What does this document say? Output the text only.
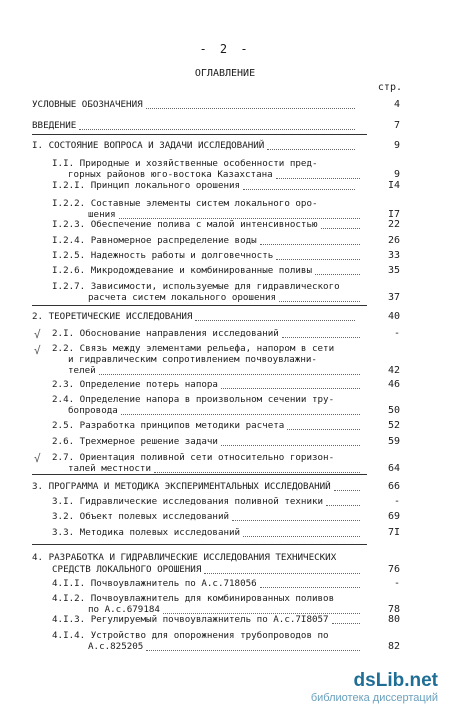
- 2 -
ОГЛАВЛЕНИЕ
стр.
УСЛОВНЫЕ ОБОЗНАЧЕНИЯ	4
ВВЕДЕНИЕ	7
I. СОСТОЯНИЕ ВОПРОСА И ЗАДАЧИ ИССЛЕДОВАНИЙ	9
I.I. Природные и хозяйственные особенности пред-
горных районов юго-востока Казахстана	9
I.2.I. Принцип локального орошения	I4
I.2.2. Составные элементы систем локального оро-
шения	I7
I.2.3. Обеспечение полива с малой интенсивностью	22
I.2.4. Равномерное распределение воды	26
I.2.5. Надежность работы и долговечность	33
I.2.6. Микродождевание и комбинированные поливы	35
I.2.7. Зависимости, используемые для гидравлического
расчета систем локального орошения	37
2. ТЕОРЕТИЧЕСКИЕ ИССЛЕДОВАНИЯ	40
2.I. Обоснование направления исследований	-
2.2. Связь между элементами рельефа, напором в сети
и гидравлическим сопротивлением почвоувлажни-
телей	42
2.3. Определение потерь напора	46
2.4. Определение напора в произвольном сечении тру-
бопровода	50
2.5. Разработка принципов методики расчета	52
2.6. Трехмерное решение задачи	59
2.7. Ориентация поливной сети относительно горизон-
талей местности	64
3. ПРОГРАММА И МЕТОДИКА ЭКСПЕРИМЕНТАЛЬНЫХ ИССЛЕДОВАНИЙ	66
3.I. Гидравлические исследования поливной техники	-
3.2. Объект полевых исследований	69
3.3. Методика полевых исследований	7I
4. РАЗРАБОТКА И ГИДРАВЛИЧЕСКИЕ ИССЛЕДОВАНИЯ ТЕХНИЧЕСКИХ
СРЕДСТВ ЛОКАЛЬНОГО ОРОШЕНИЯ	76
4.I.I. Почвоувлажнитель по А.с.718056	-
4.I.2. Почвоувлажнитель для комбинированных поливов
по А.с.679184	78
4.I.3. Регулируемый почвоувлажнитель по А.с.7I8057	80
4.I.4. Устройство для опорожнения трубопроводов по
А.с.825205	82
√
√
√
dsLib.net
библиотека диссертаций
